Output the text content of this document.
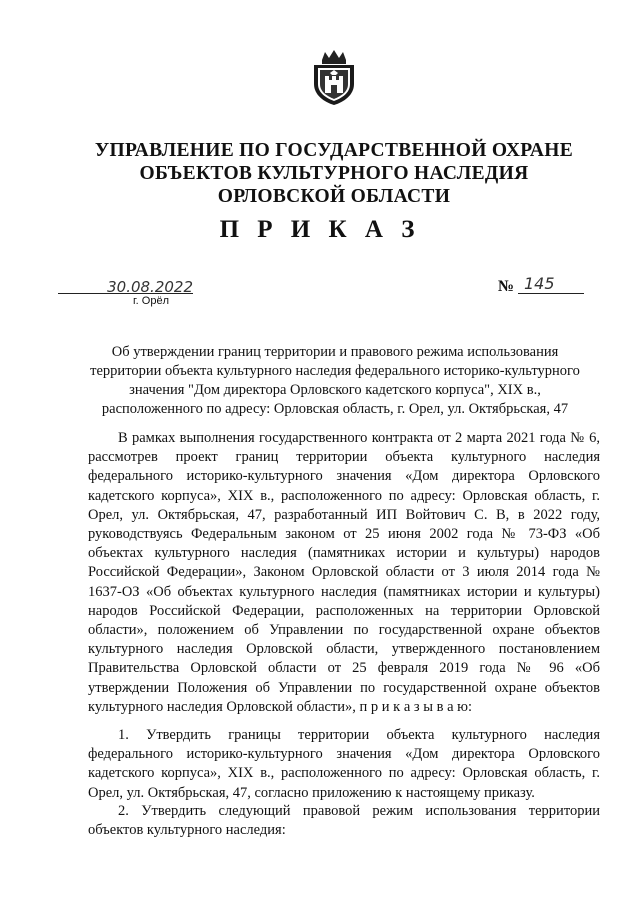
УПРАВЛЕНИЕ ПО ГОСУДАРСТВЕННОЙ ОХРАНЕ
ОБЪЕКТОВ КУЛЬТУРНОГО НАСЛЕДИЯ
ОРЛОВСКОЙ ОБЛАСТИ
П Р И К А З
30.08.2022
г. Орёл
№ 145
Об утверждении границ территории и правового режима использования
территории объекта культурного наследия федерального историко-культурного
значения "Дом директора Орловского кадетского корпуса", XIX в.,
расположенного по адресу: Орловская область, г. Орел, ул. Октябрьская, 47
В рамках выполнения государственного контракта от 2 марта 2021 года № 6, рассмотрев проект границ территории объекта культурного наследия федерального историко-культурного значения «Дом директора Орловского кадетского корпуса», XIX в., расположенного по адресу: Орловская область, г. Орел, ул. Октябрьская, 47, разработанный ИП Войтович С. В, в 2022 году, руководствуясь Федеральным законом от 25 июня 2002 года № 73-ФЗ «Об объектах культурного наследия (памятниках истории и культуры) народов Российской Федерации», Законом Орловской области от 3 июля 2014 года № 1637-ОЗ «Об объектах культурного наследия (памятниках истории и культуры) народов Российской Федерации, расположенных на территории Орловской области», положением об Управлении по государственной охране объектов культурного наследия Орловской области, утвержденного постановлением Правительства Орловской области от 25 февраля 2019 года № 96 «Об утверждении Положения об Управлении по государственной охране объектов культурного наследия Орловской области», п р и к а з ы в а ю:
1. Утвердить границы территории объекта культурного наследия федерального историко-культурного значения «Дом директора Орловского кадетского корпуса», XIX в., расположенного по адресу: Орловская область, г. Орел, ул. Октябрьская, 47, согласно приложению к настоящему приказу.
2. Утвердить следующий правовой режим использования территории объектов культурного наследия:
